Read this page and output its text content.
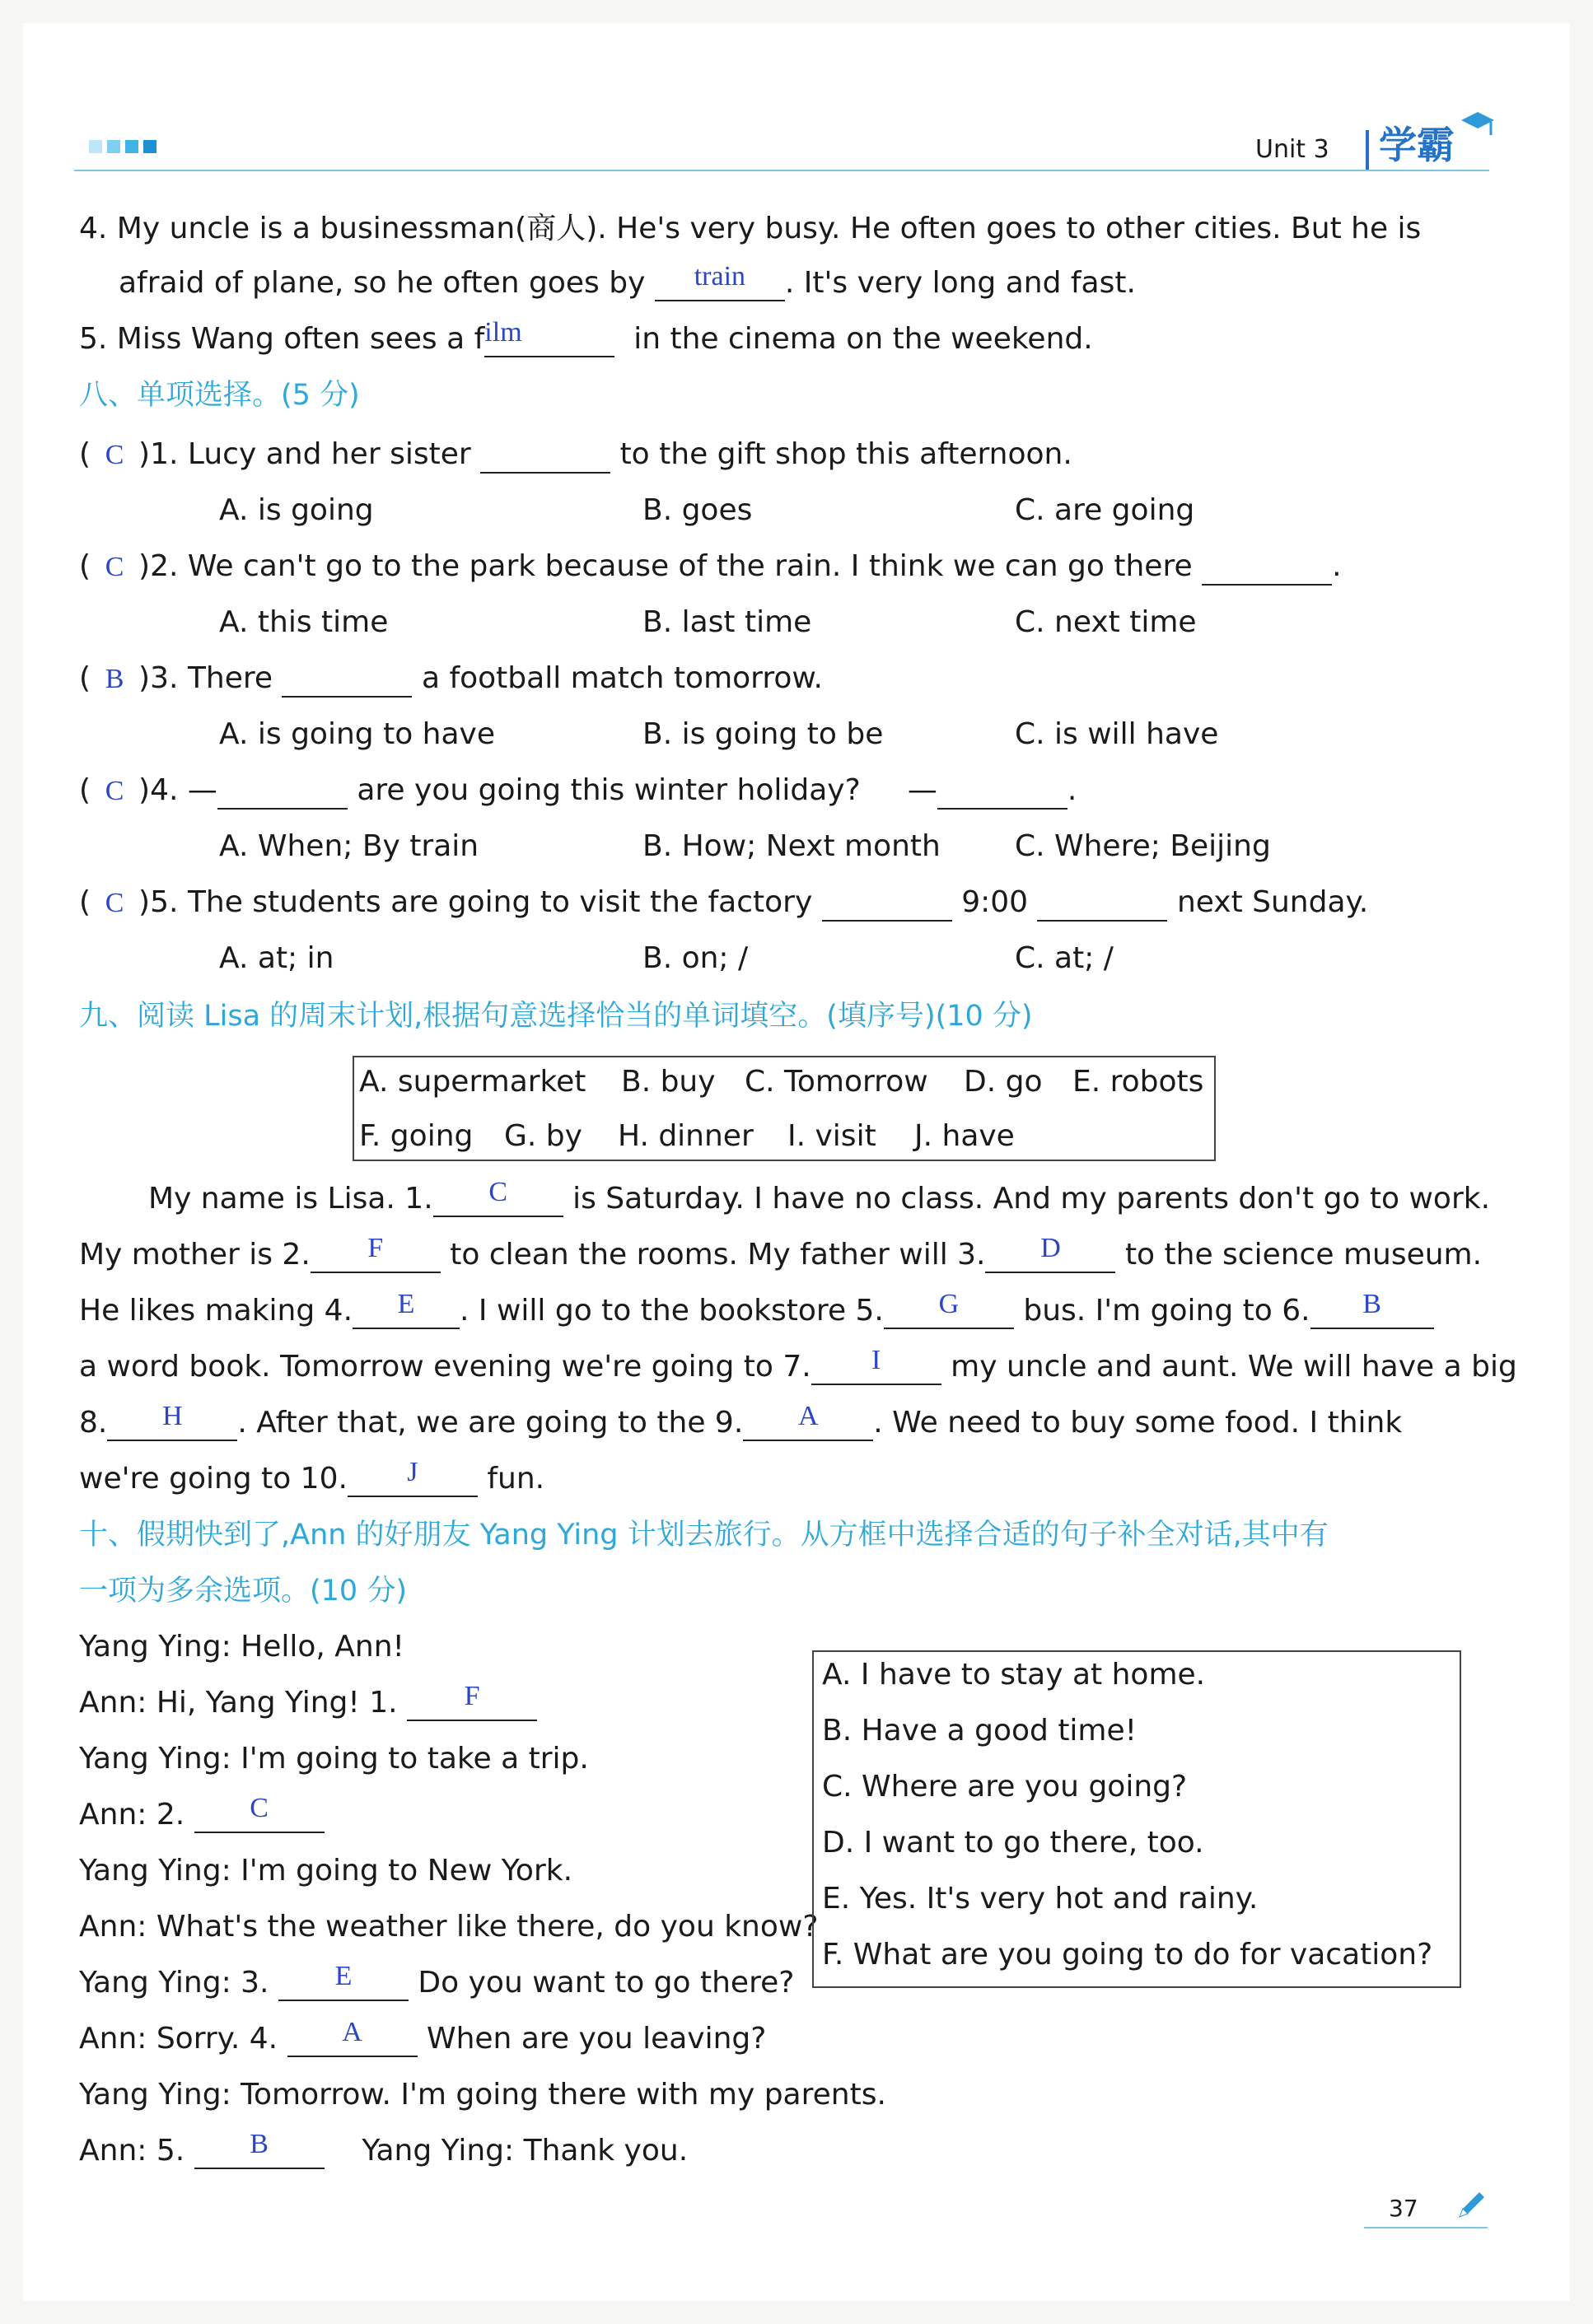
Unit 3 学霸
4. My uncle is a businessman(商人). He's very busy. He often goes to other cities. But he is
afraid of plane, so he often goes by	train	. It's very long and fast.
5. Miss Wang often sees a f ilm	in the cinema on the weekend.
八、单项选择。(5 分)
( C )1. Lucy and her sister	to the gift shop this afternoon.
A. is going	B. goes	C. are going
( C )2. We can't go to the park because of the rain. I think we can go there	.
A. this time	B. last time	C. next time
( B )3. There	a football match tomorrow.
A. is going to have	B. is going to be	C. is will have
( C )4. —	are you going this winter holiday? —	.
A. When; By train	B. How; Next month	C. Where; Beijing
( C )5. The students are going to visit the factory	9:00	next Sunday.
A. at; in	B. on; /	C. at; /
九、阅读 Lisa 的周末计划,根据句意选择恰当的单词填空。(填序号)(10 分)
A. supermarket B. buy C. Tomorrow D. go E. robots
F. going G. by H. dinner I. visit J. have
My name is Lisa. 1.	C	is Saturday. I have no class. And my parents don't go to work.
My mother is 2.	F	to clean the rooms. My father will 3.	D	to the science museum.
He likes making 4.	E	. I will go to the bookstore 5.	G	bus. I'm going to 6.	B
a word book. Tomorrow evening we're going to 7.	I	my uncle and aunt. We will have a big
8.	H	. After that, we are going to the 9.	A	. We need to buy some food. I think
we're going to 10.	J	fun.
十、假期快到了,Ann 的好朋友 Yang Ying 计划去旅行。从方框中选择合适的句子补全对话,其中有
一项为多余选项。(10 分)
Yang Ying: Hello, Ann!
Ann: Hi, Yang Ying! 1.	F
Yang Ying: I'm going to take a trip.
Ann: 2.	C
Yang Ying: I'm going to New York.
Ann: What's the weather like there, do you know?
Yang Ying: 3.	E	Do you want to go there?
Ann: Sorry. 4.	A	When are you leaving?
Yang Ying: Tomorrow. I'm going there with my parents.
Ann: 5.	B	Yang Ying: Thank you.
A. I have to stay at home.
B. Have a good time!
C. Where are you going?
D. I want to go there, too.
E. Yes. It's very hot and rainy.
F. What are you going to do for vacation?
37
